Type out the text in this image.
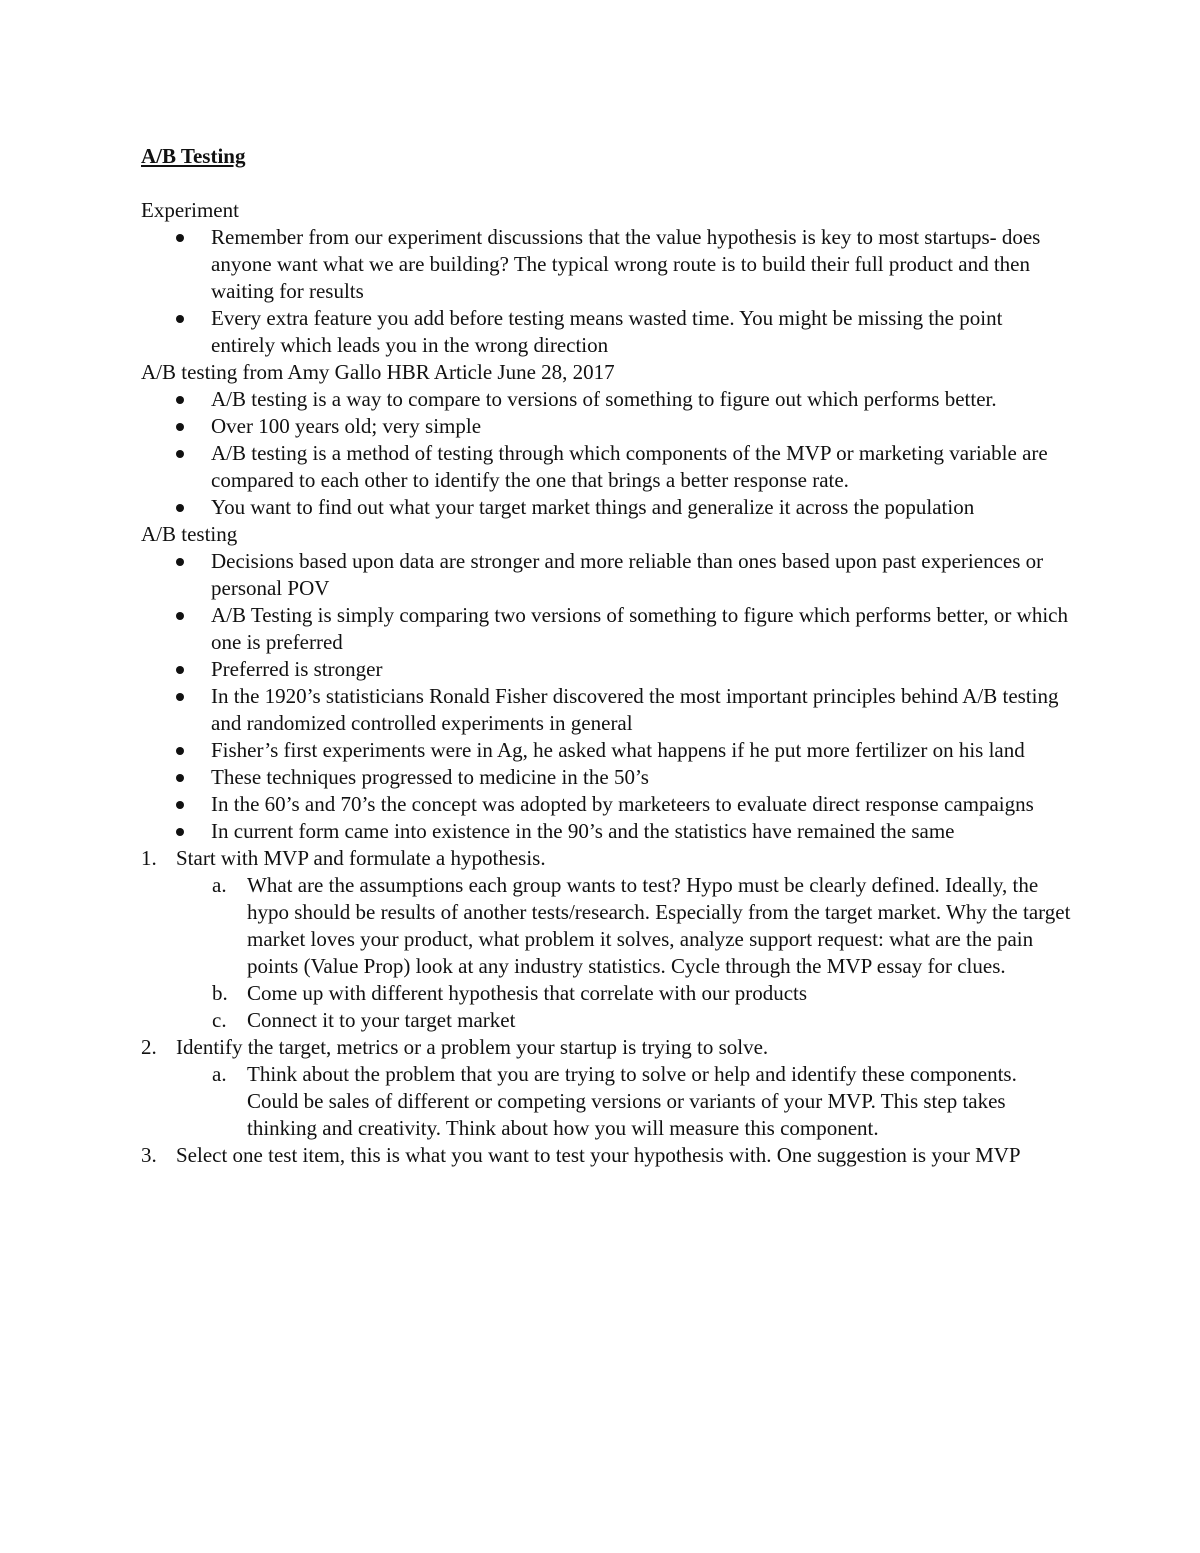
A/B Testing
Experiment
Remember from our experiment discussions that the value hypothesis is key to most startups- does anyone want what we are building? The typical wrong route is to build their full product and then waiting for results
Every extra feature you add before testing means wasted time. You might be missing the point entirely which leads you in the wrong direction
A/B testing from Amy Gallo HBR Article June 28, 2017
A/B testing is a way to compare to versions of something to figure out which performs better.
Over 100 years old; very simple
A/B testing is a method of testing through which components of the MVP or marketing variable are compared to each other to identify the one that brings a better response rate.
You want to find out what your target market things and generalize it across the population
A/B testing
Decisions based upon data are stronger and more reliable than ones based upon past experiences or personal POV
A/B Testing is simply comparing two versions of something to figure which performs better, or which one is preferred
Preferred is stronger
In the 1920’s statisticians Ronald Fisher discovered the most important principles behind A/B testing and randomized controlled experiments in general
Fisher’s first experiments were in Ag, he asked what happens if he put more fertilizer on his land
These techniques progressed to medicine in the 50’s
In the 60’s and 70’s the concept was adopted by marketeers to evaluate direct response campaigns
In current form came into existence in the 90’s and the statistics have remained the same
1. Start with MVP and formulate a hypothesis.
a. What are the assumptions each group wants to test? Hypo must be clearly defined. Ideally, the hypo should be results of another tests/research. Especially from the target market. Why the target market loves your product, what problem it solves, analyze support request: what are the pain points (Value Prop) look at any industry statistics. Cycle through the MVP essay for clues.
b. Come up with different hypothesis that correlate with our products
c. Connect it to your target market
2. Identify the target, metrics or a problem your startup is trying to solve.
a. Think about the problem that you are trying to solve or help and identify these components. Could be sales of different or competing versions or variants of your MVP. This step takes thinking and creativity. Think about how you will measure this component.
3. Select one test item, this is what you want to test your hypothesis with. One suggestion is your MVP
